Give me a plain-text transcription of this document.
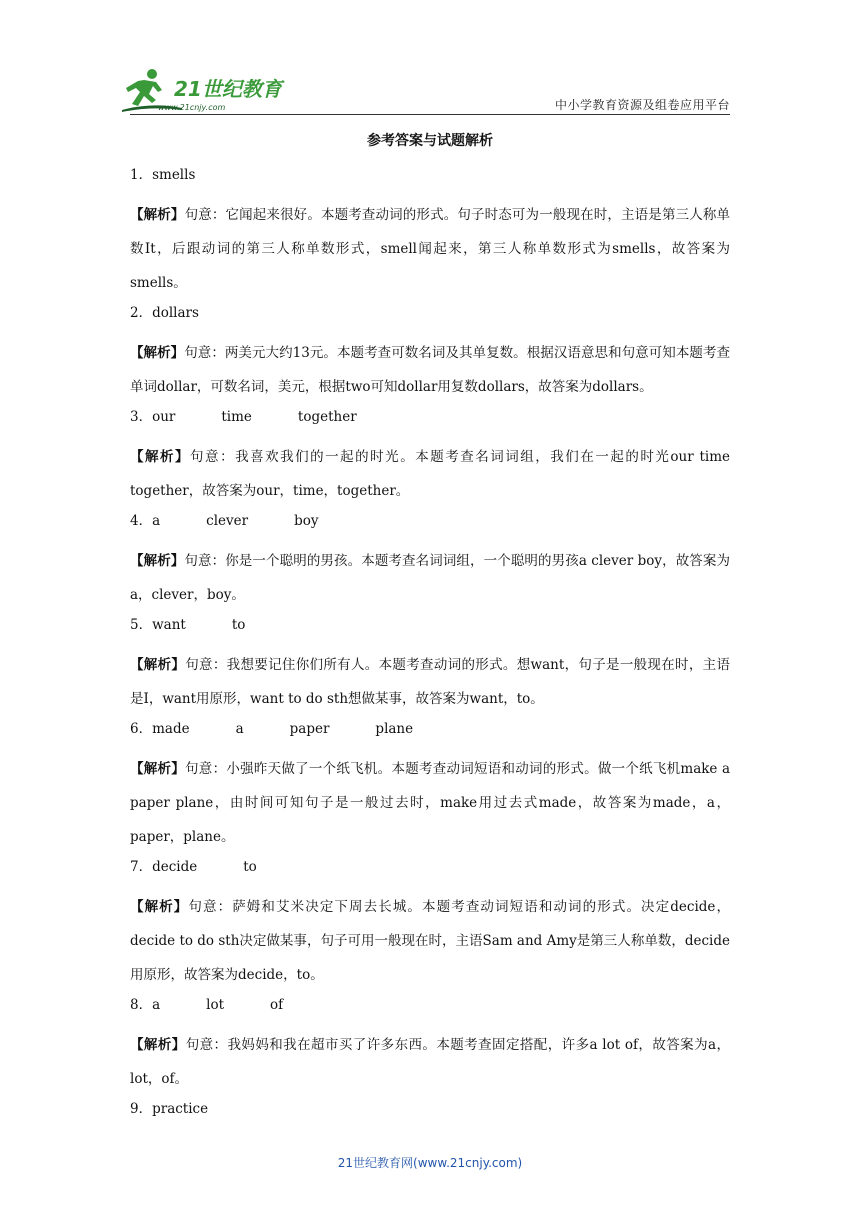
21世纪教育
www.21cnjy.com	中小学教育资源及组卷应用平台
参考答案与试题解析
1．smells
【解析】句意：它闻起来很好。本题考查动词的形式。句子时态可为一般现在时，主语是第三人称单数It，后跟动词的第三人称单数形式，smell闻起来，第三人称单数形式为smells，故答案为smells。
2．dollars
【解析】句意：两美元大约13元。本题考查可数名词及其单复数。根据汉语意思和句意可知本题考查单词dollar，可数名词，美元，根据two可知dollar用复数dollars，故答案为dollars。
3．our	time	together
【解析】句意：我喜欢我们的一起的时光。本题考查名词词组，我们在一起的时光our time together，故答案为our，time，together。
4．a	clever	boy
【解析】句意：你是一个聪明的男孩。本题考查名词词组，一个聪明的男孩a clever boy，故答案为a，clever，boy。
5．want	to
【解析】句意：我想要记住你们所有人。本题考查动词的形式。想want，句子是一般现在时，主语是I，want用原形，want to do sth想做某事，故答案为want，to。
6．made	a	paper	plane
【解析】句意：小强昨天做了一个纸飞机。本题考查动词短语和动词的形式。做一个纸飞机make a paper plane，由时间可知句子是一般过去时，make用过去式made，故答案为made，a，paper，plane。
7．decide	to
【解析】句意：萨姆和艾米决定下周去长城。本题考查动词短语和动词的形式。决定decide，decide to do sth决定做某事，句子可用一般现在时，主语Sam and Amy是第三人称单数，decide用原形，故答案为decide，to。
8．a	lot	of
【解析】句意：我妈妈和我在超市买了许多东西。本题考查固定搭配，许多a lot of，故答案为a，lot，of。
9．practice
21世纪教育网(www.21cnjy.com)
